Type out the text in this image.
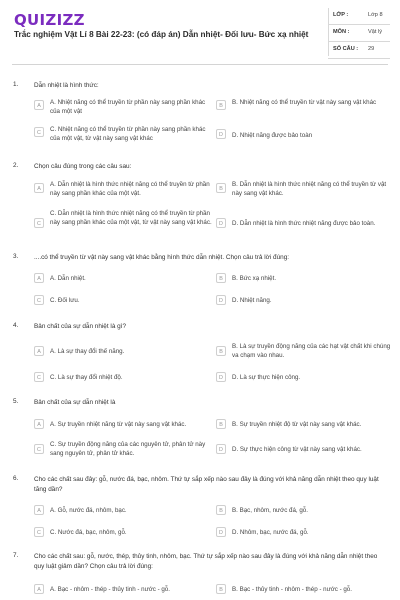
QUIZIZZ
Trắc nghiệm Vật Lí 8 Bài 22-23: (có đáp án) Dẫn nhiệt- Đối lưu- Bức xạ nhiệt
LỚP :	Lớp 8
MÔN :	Vật lý
SỐ CÂU : 29
1. Dẫn nhiệt là hình thức:
A	A. Nhiệt năng có thể truyền từ phần này sang phần khác của một vật
B	B. Nhiệt năng có thể truyền từ vật này sang vật khác
C	C. Nhiệt năng có thể truyền từ phần này sang phần khác của một vật, từ vật này sang vật khác
D	D. Nhiệt năng được bảo toàn
2. Chọn câu đúng trong các câu sau:
A
A. Dẫn nhiệt là hình thức nhiệt năng có thể truyền từ phần này sang phần khác của một vật.
B
B. Dẫn nhiệt là hình thức nhiệt năng có thể truyền từ vật này sang vật khác.
C
C. Dẫn nhiệt là hình thức nhiệt năng có thể truyền từ phần này sang phần khác của một vật, từ vật này sang vật khác.	D	D. Dẫn nhiệt là hình thức nhiệt năng được bảo toàn.
3. ....có thể truyền từ vật này sang vật khác bằng hình thức dẫn nhiệt. Chọn câu trả lời đúng:
A	A. Dẫn nhiệt.	B	B. Bức xạ nhiệt.
C	C. Đối lưu.	D	D. Nhiệt năng.
4. Bản chất của sự dẫn nhiệt là gì?
A	A. Là sự thay đổi thế năng.	B
B. Là sự truyền động năng của các hạt vật chất khi chúng va chạm vào nhau.
C	C. Là sự thay đổi nhiệt độ.	D	D. Là sự thực hiện công.
5. Bản chất của sự dẫn nhiệt là
A	A. Sự truyền nhiệt năng từ vật này sang vật khác.	B	B. Sự truyền nhiệt độ từ vật này sang vật khác.
C
C. Sự truyền động năng của các nguyên tử, phân tử này sang nguyên tử, phân tử khác.
D	D. Sự thực hiện công từ vật này sang vật khác.
6. Cho các chất sau đây: gỗ, nước đá, bạc, nhôm. Thứ tự sắp xếp nào sau đây là đúng với khả năng dẫn nhiệt theo quy luật tăng dần?
A	A. Gỗ, nước đá, nhôm, bạc.	B	B. Bạc, nhôm, nước đá, gỗ.
C	C. Nước đá, bạc, nhôm, gỗ.	D	D. Nhôm, bạc, nước đá, gỗ.
7. Cho các chất sau: gỗ, nước, thép, thủy tinh, nhôm, bạc. Thứ tự sắp xếp nào sau đây là đúng với khả năng dẫn nhiệt theo quy luật giảm dần? Chọn câu trả lời đúng:
A	A. Bạc - nhôm - thép - thủy tinh - nước - gỗ.	B	B. Bạc - thủy tinh - nhôm - thép - nước - gỗ.
